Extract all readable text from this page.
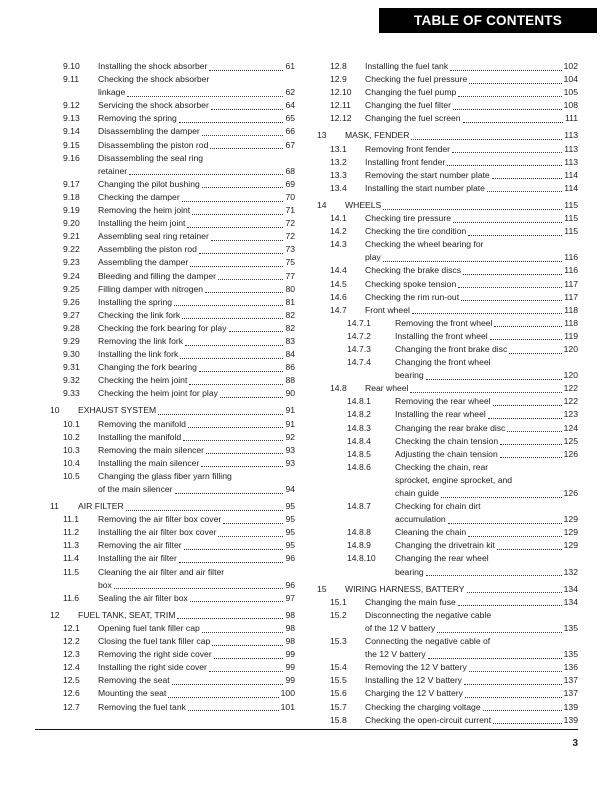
TABLE OF CONTENTS
9.10	Installing the shock absorber	61
9.11	Checking the shock absorber
linkage	62
9.12	Servicing the shock absorber	64
9.13	Removing the spring	65
9.14	Disassembling the damper	66
9.15	Disassembling the piston rod	67
9.16	Disassembling the seal ring
retainer	68
9.17	Changing the pilot bushing	69
9.18	Checking the damper	70
9.19	Removing the heim joint	71
9.20	Installing the heim joint	72
9.21	Assembling seal ring retainer	72
9.22	Assembling the piston rod	73
9.23	Assembling the damper	75
9.24	Bleeding and filling the damper	77
9.25	Filling damper with nitrogen	80
9.26	Installing the spring	81
9.27	Checking the link fork	82
9.28	Checking the fork bearing for play	82
9.29	Removing the link fork	83
9.30	Installing the link fork	84
9.31	Changing the fork bearing	86
9.32	Checking the heim joint	88
9.33	Checking the heim joint for play	90
10	EXHAUST SYSTEM	91
10.1	Removing the manifold	91
10.2	Installing the manifold	92
10.3	Removing the main silencer	93
10.4	Installing the main silencer	93
10.5	Changing the glass fiber yarn filling
of the main silencer	94
11	AIR FILTER	95
11.1	Removing the air filter box cover	95
11.2	Installing the air filter box cover	95
11.3	Removing the air filter	95
11.4	Installing the air filter	96
11.5	Cleaning the air filter and air filter
box	96
11.6	Sealing the air filter box	97
12	FUEL TANK, SEAT, TRIM	98
12.1	Opening fuel tank filler cap	98
12.2	Closing the fuel tank filler cap	98
12.3	Removing the right side cover	99
12.4	Installing the right side cover	99
12.5	Removing the seat	99
12.6	Mounting the seat	100
12.7	Removing the fuel tank	101
12.8	Installing the fuel tank	102
12.9	Checking the fuel pressure	104
12.10	Changing the fuel pump	105
12.11	Changing the fuel filter	108
12.12	Changing the fuel screen	111
13	MASK, FENDER	113
13.1	Removing front fender	113
13.2	Installing front fender	113
13.3	Removing the start number plate	114
13.4	Installing the start number plate	114
14	WHEELS	115
14.1	Checking tire pressure	115
14.2	Checking the tire condition	115
14.3	Checking the wheel bearing for
play	116
14.4	Checking the brake discs	116
14.5	Checking spoke tension	117
14.6	Checking the rim run-out	117
14.7	Front wheel	118
14.7.1	Removing the front wheel	118
14.7.2	Installing the front wheel	119
14.7.3	Changing the front brake disc	120
14.7.4	Changing the front wheel
bearing	120
14.8	Rear wheel	122
14.8.1	Removing the rear wheel	122
14.8.2	Installing the rear wheel	123
14.8.3	Changing the rear brake disc	124
14.8.4	Checking the chain tension	125
14.8.5	Adjusting the chain tension	126
14.8.6	Checking the chain, rear
sprocket, engine sprocket, and
chain guide	126
14.8.7	Checking for chain dirt
accumulation	129
14.8.8	Cleaning the chain	129
14.8.9	Changing the drivetrain kit	129
14.8.10	Changing the rear wheel
bearing	132
15	WIRING HARNESS, BATTERY	134
15.1	Changing the main fuse	134
15.2	Disconnecting the negative cable
of the 12 V battery	135
15.3	Connecting the negative cable of
the 12 V battery	135
15.4	Removing the 12 V battery	136
15.5	Installing the 12 V battery	137
15.6	Charging the 12 V battery	137
15.7	Checking the charging voltage	139
15.8	Checking the open-circuit current	139
3
